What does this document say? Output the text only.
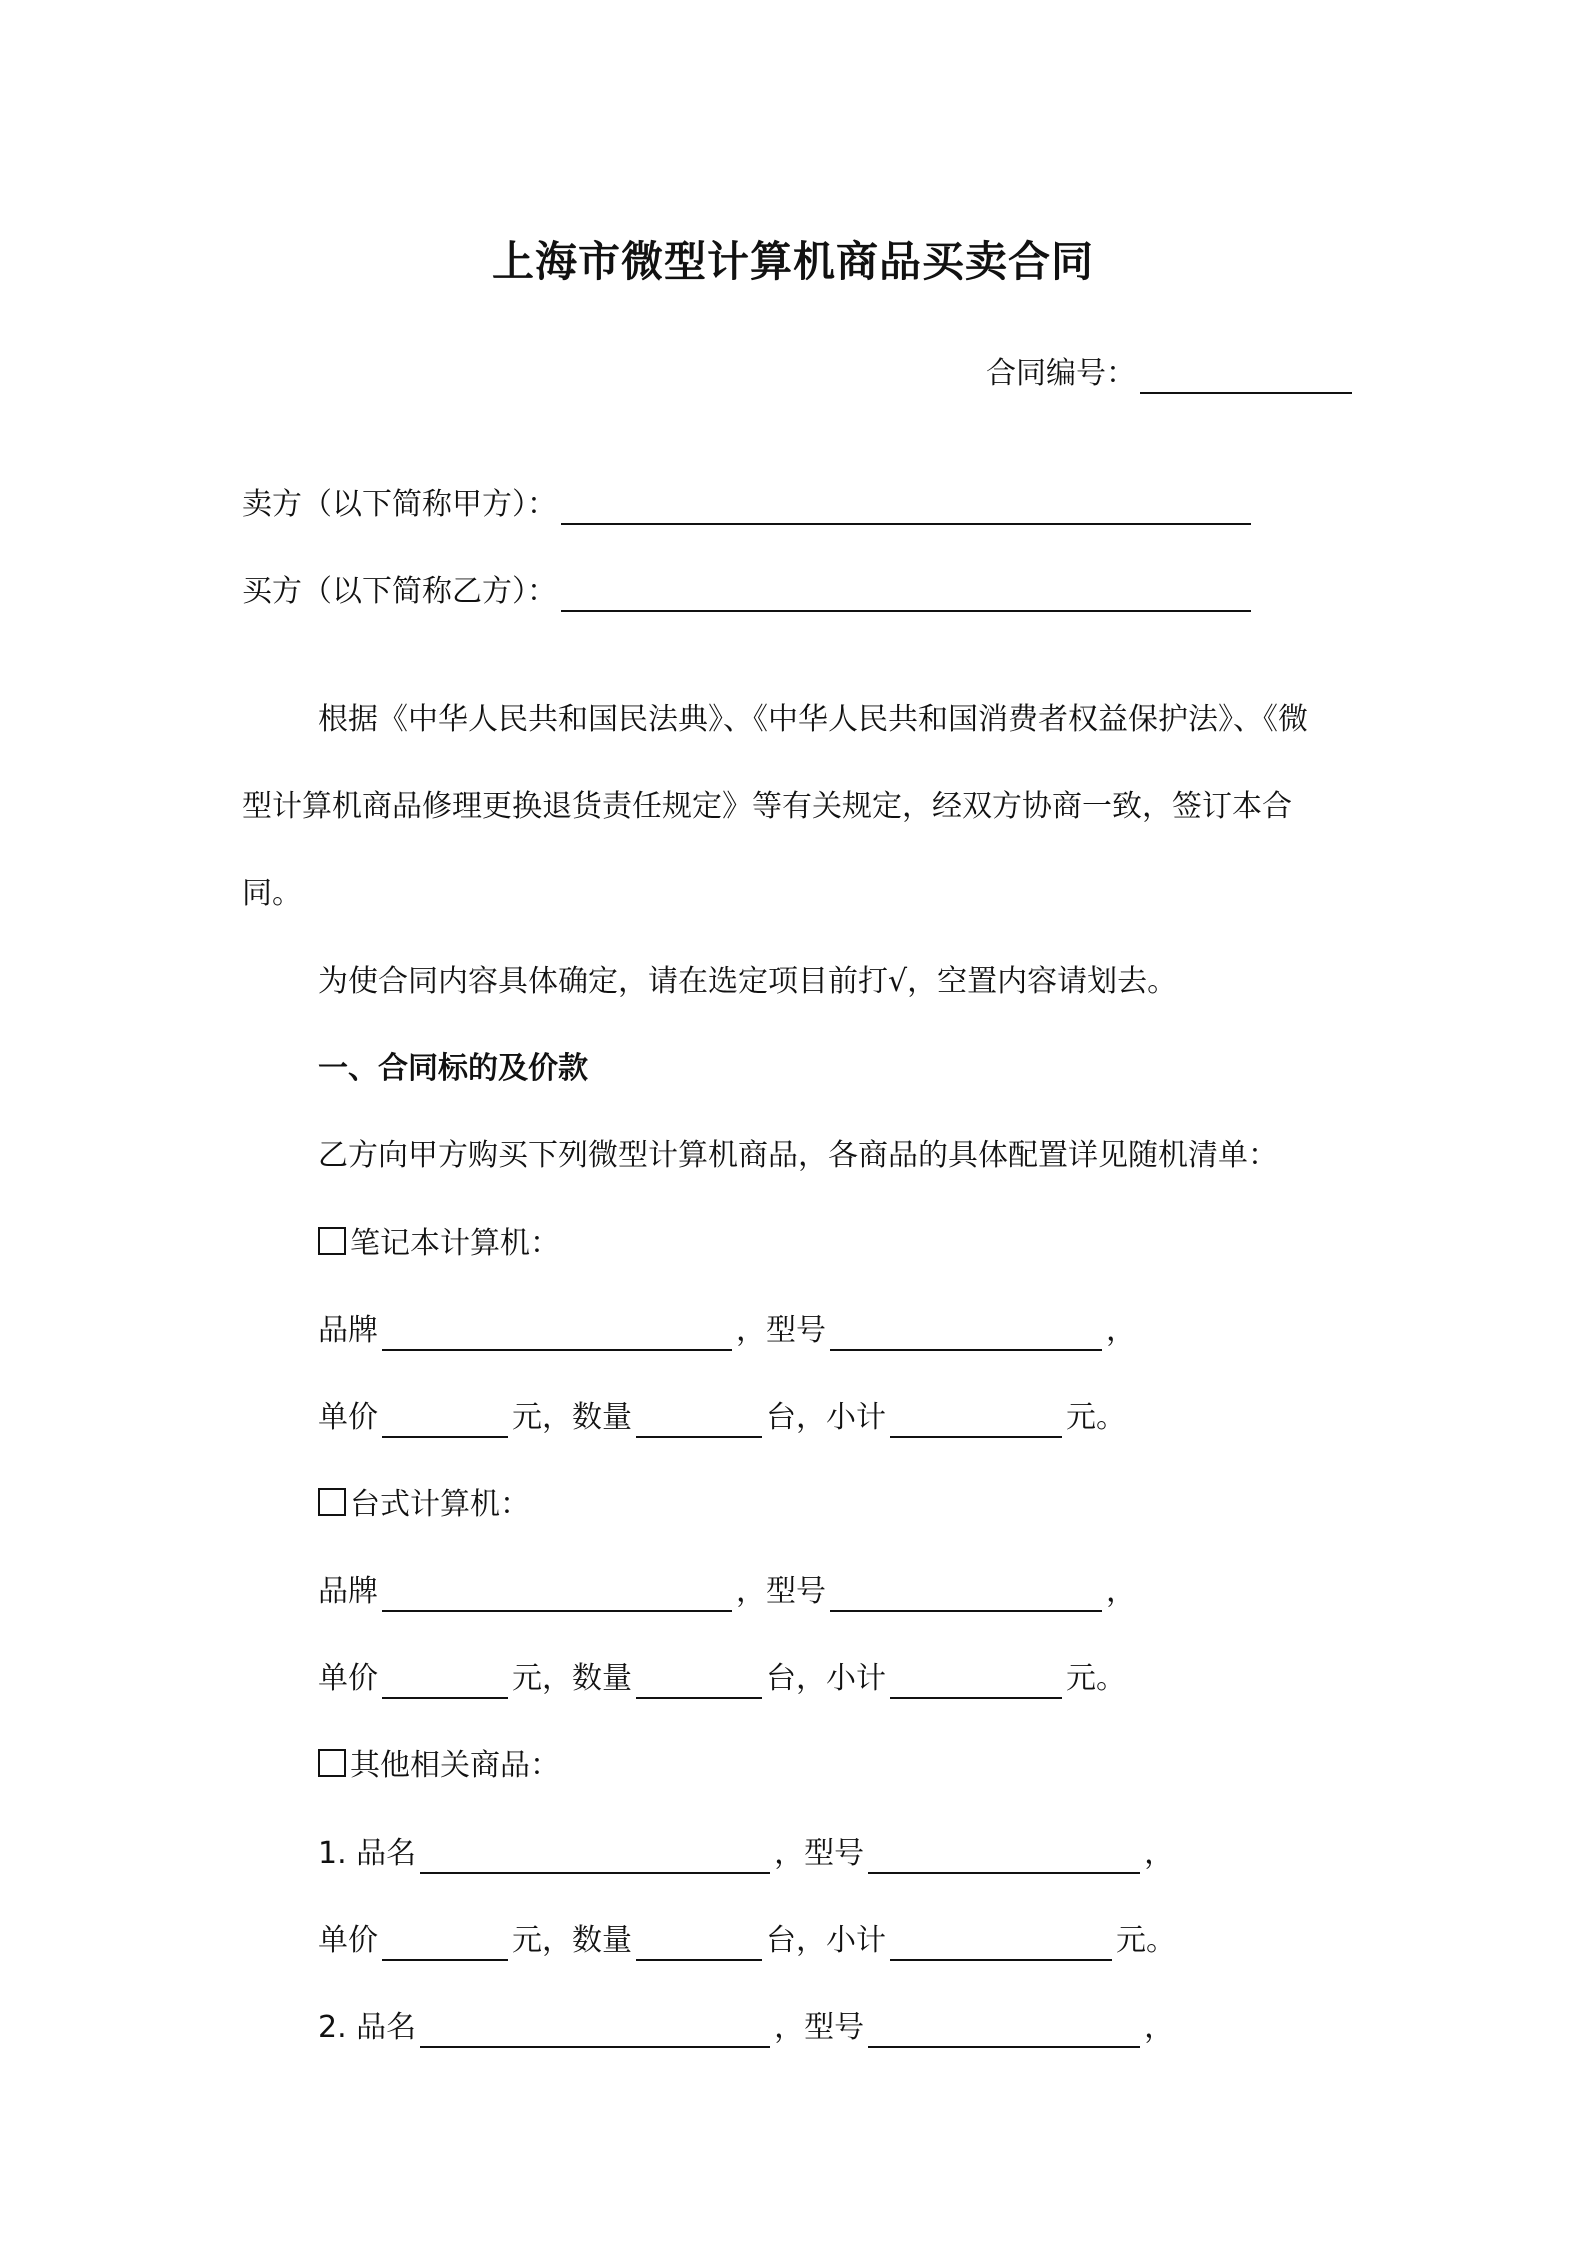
上海市微型计算机商品买卖合同
合同编号：
卖方（以下简称甲方）：
买方（以下简称乙方）：
根据《中华人民共和国民法典》、《中华人民共和国消费者权益保护法》、《微
型计算机商品修理更换退货责任规定》等有关规定，经双方协商一致，签订本合
同。
为使合同内容具体确定，请在选定项目前打√，空置内容请划去。
一、合同标的及价款
乙方向甲方购买下列微型计算机商品，各商品的具体配置详见随机清单：
笔记本计算机：
品牌	，型号	，
单价	元，数量	台，小计	元。
台式计算机：
品牌	，型号	，
单价	元，数量	台，小计	元。
其他相关商品：
1. 品名	，型号	，
单价	元，数量	台，小计	元。
2. 品名	，型号	，
